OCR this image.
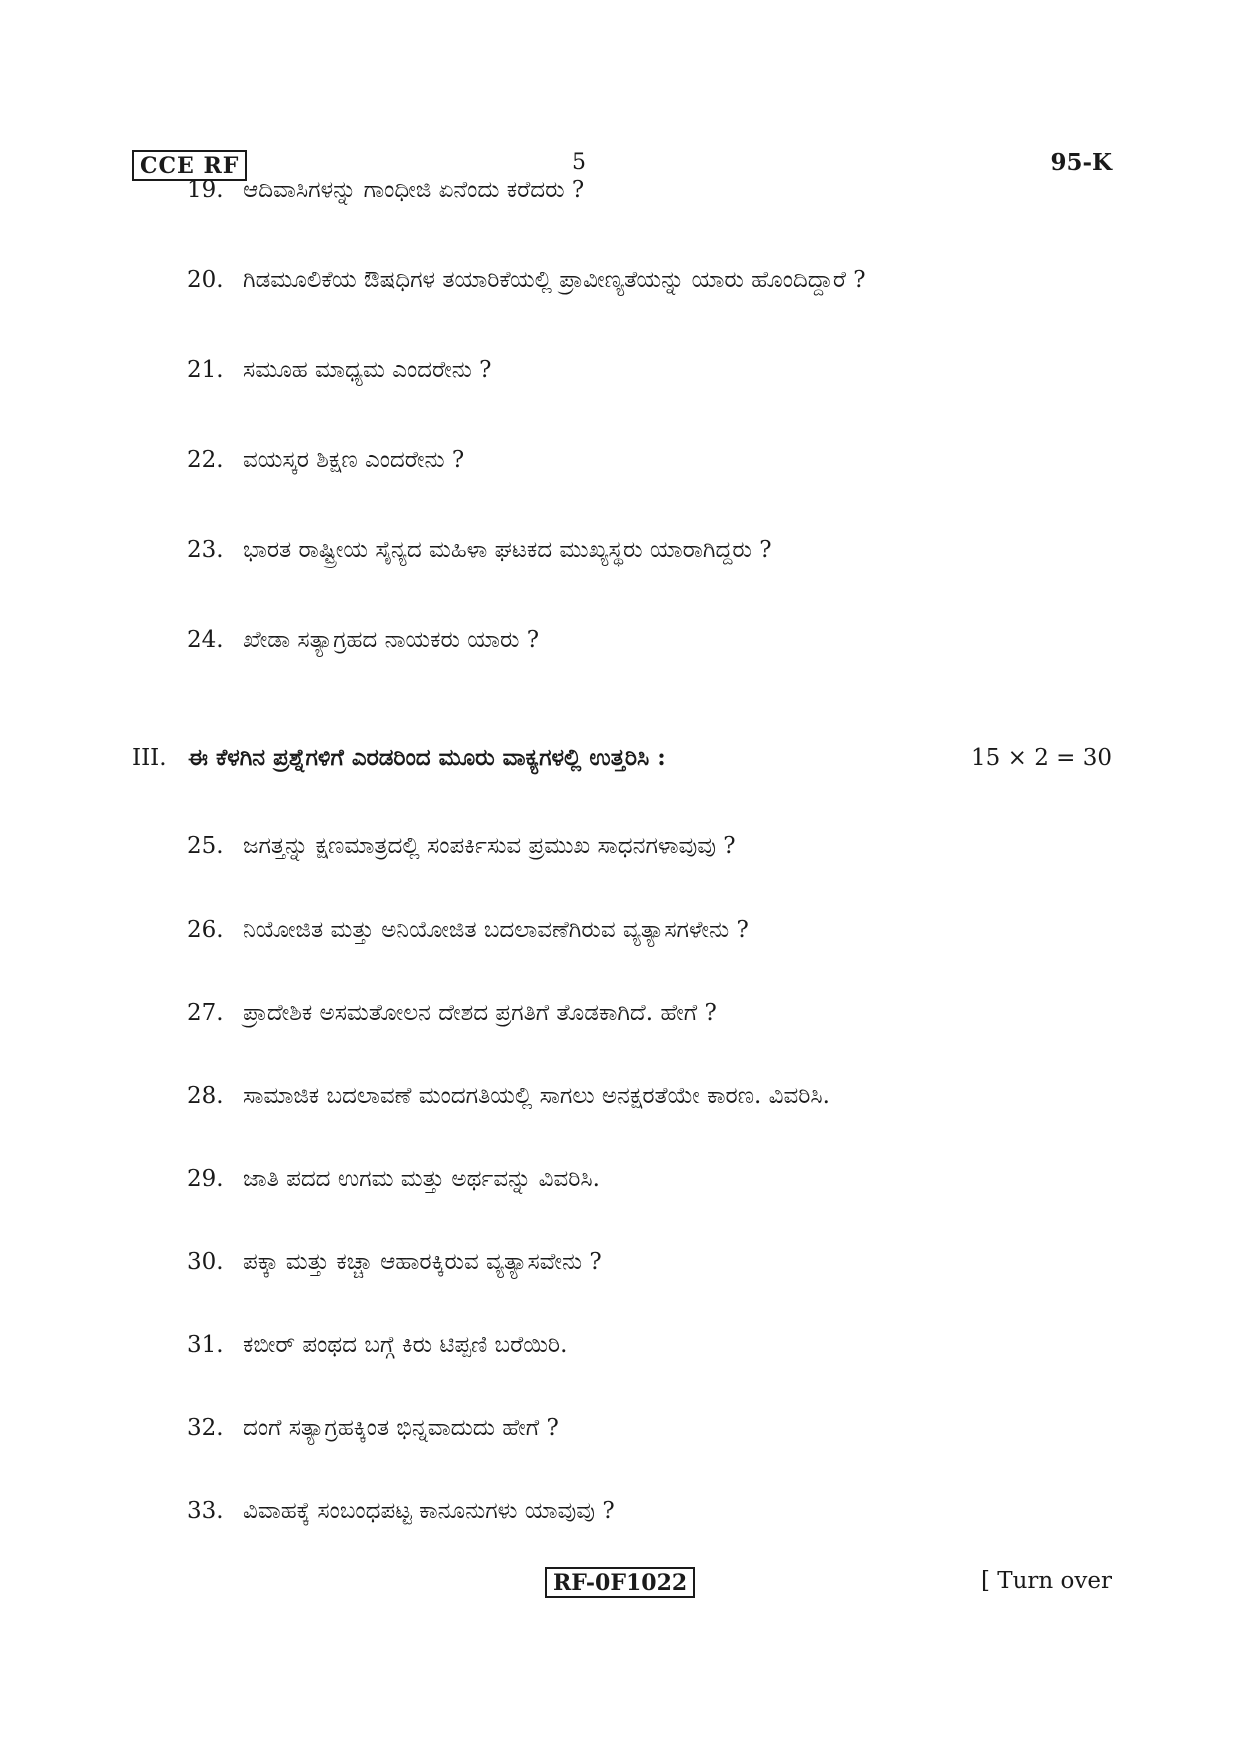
CCE RF	5	95-K
19. ಆದಿವಾಸಿಗಳನ್ನು ಗಾಂಧೀಜಿ ಏನೆಂದು ಕರೆದರು ?
20. ಗಿಡಮೂಲಿಕೆಯ ಔಷಧಿಗಳ ತಯಾರಿಕೆಯಲ್ಲಿ ಪ್ರಾವೀಣ್ಯತೆಯನ್ನು ಯಾರು ಹೊಂದಿದ್ದಾರೆ ?
21. ಸಮೂಹ ಮಾಧ್ಯಮ ಎಂದರೇನು ?
22. ವಯಸ್ಕರ ಶಿಕ್ಷಣ ಎಂದರೇನು ?
23. ಭಾರತ ರಾಷ್ಟ್ರೀಯ ಸೈನ್ಯದ ಮಹಿಳಾ ಘಟಕದ ಮುಖ್ಯಸ್ಥರು ಯಾರಾಗಿದ್ದರು ?
24. ಖೇಡಾ ಸತ್ಯಾಗ್ರಹದ ನಾಯಕರು ಯಾರು ?
III. ಈ ಕೆಳಗಿನ ಪ್ರಶ್ನೆಗಳಿಗೆ ಎರಡರಿಂದ ಮೂರು ವಾಕ್ಯಗಳಲ್ಲಿ ಉತ್ತರಿಸಿ :	15 × 2 = 30
25. ಜಗತ್ತನ್ನು ಕ್ಷಣಮಾತ್ರದಲ್ಲಿ ಸಂಪರ್ಕಿಸುವ ಪ್ರಮುಖ ಸಾಧನಗಳಾವುವು ?
26. ನಿಯೋಜಿತ ಮತ್ತು ಅನಿಯೋಜಿತ ಬದಲಾವಣೆಗಿರುವ ವ್ಯತ್ಯಾಸಗಳೇನು ?
27. ಪ್ರಾದೇಶಿಕ ಅಸಮತೋಲನ ದೇಶದ ಪ್ರಗತಿಗೆ ತೊಡಕಾಗಿದೆ. ಹೇಗೆ ?
28. ಸಾಮಾಜಿಕ ಬದಲಾವಣೆ ಮಂದಗತಿಯಲ್ಲಿ ಸಾಗಲು ಅನಕ್ಷರತೆಯೇ ಕಾರಣ. ವಿವರಿಸಿ.
29. ಜಾತಿ ಪದದ ಉಗಮ ಮತ್ತು ಅರ್ಥವನ್ನು ವಿವರಿಸಿ.
30. ಪಕ್ಕಾ ಮತ್ತು ಕಚ್ಚಾ ಆಹಾರಕ್ಕಿರುವ ವ್ಯತ್ಯಾಸವೇನು ?
31. ಕಬೀರ್ ಪಂಥದ ಬಗ್ಗೆ ಕಿರು ಟಿಪ್ಪಣಿ ಬರೆಯಿರಿ.
32. ದಂಗೆ ಸತ್ಯಾಗ್ರಹಕ್ಕಿಂತ ಭಿನ್ನವಾದುದು ಹೇಗೆ ?
33. ವಿವಾಹಕ್ಕೆ ಸಂಬಂಧಪಟ್ಟ ಕಾನೂನುಗಳು ಯಾವುವು ?
RF-0F1022	[ Turn over
